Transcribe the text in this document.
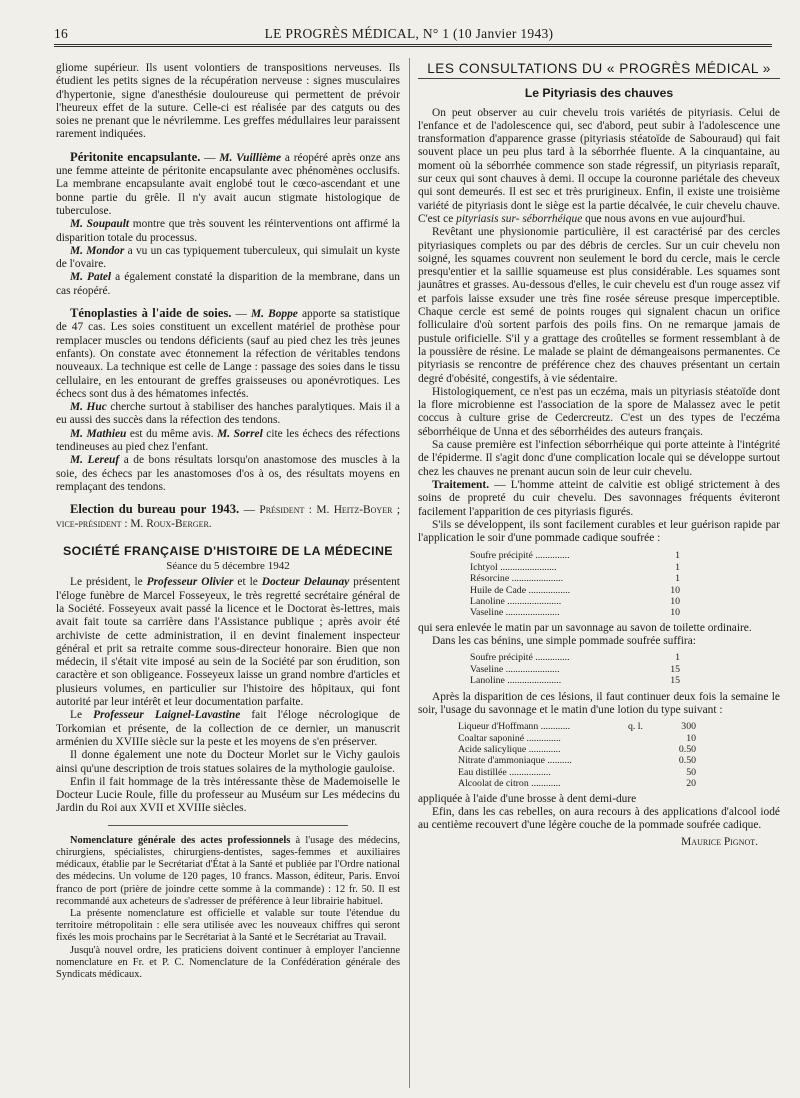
16	LE PROGRÈS MÉDICAL, N° 1 (10 Janvier 1943)

gliome supérieur. Ils usent volontiers de transpositions nerveuses. Ils étudient les petits signes de la récupération nerveuse : signes musculaires d'hypertonie, signe d'anesthésie douloureuse qui permettent de prévoir l'heureux effet de la suture. Celle-ci est réalisée par des catguts ou des soies ne prenant que le névrilemme. Les greffes médullaires leur paraissent rarement indiquées.

Péritonite encapsulante. — M. Vuillième a réopéré après onze ans une femme atteinte de péritonite encapsulante avec phénomènes occlusifs. La membrane encapsulante avait englobé tout le cœco-ascendant et une bonne partie du grêle. Il n'y avait aucun stigmate histologique de tuberculose.

M. Soupault montre que très souvent les réinterventions ont affirmé la disparition totale du processus.

M. Mondor a vu un cas typiquement tuberculeux, qui simulait un kyste de l'ovaire.

M. Patel a également constaté la disparition de la membrane, dans un cas réopéré.

Ténoplasties à l'aide de soies. — M. Boppe apporte sa statistique de 47 cas. Les soies constituent un excellent matériel de prothèse pour remplacer muscles ou tendons déficients (sauf au pied chez les très jeunes enfants). On constate avec étonnement la réfection de véritables tendons nouveaux. La technique est celle de Lange : passage des soies dans le tissu cellulaire, en les entourant de greffes graisseuses ou aponévrotiques. Les échecs sont dus à des hématomes infectés.

M. Huc cherche surtout à stabiliser des hanches paralytiques. Mais il a eu aussi des succès dans la réfection des tendons.

M. Mathieu est du même avis. M. Sorrel cite les échecs des réfections tendineuses au pied chez l'enfant.

M. Lereuf a de bons résultats lorsqu'on anastomose des muscles à la soie, des échecs par les anastomoses d'os à os, des résultats moyens en remplaçant des tendons.

Election du bureau pour 1943. — Président : M. Heitz-Boyer ; vice-président : M. Roux-Berger.

SOCIÉTÉ FRANÇAISE D'HISTOIRE DE LA MÉDECINE
Séance du 5 décembre 1942

Le président, le Professeur Olivier et le Docteur Delaunay présentent l'éloge funèbre de Marcel Fosseyeux, le très regretté secrétaire général de la Société. Fosseyeux avait passé la licence et le Doctorat ès-lettres, mais avait fait toute sa carrière dans l'Assistance publique ; après avoir été archiviste de cette administration, il en devint finalement inspecteur général et prit sa retraite comme sous-directeur honoraire. Bien que non médecin, il s'était vite imposé au sein de la Société par son érudition, son caractère et son obligeance. Fosseyeux laisse un grand nombre d'articles et plusieurs volumes, en particulier sur l'histoire des hôpitaux, qui font autorité par leur intérêt et leur documentation parfaite.

Le Professeur Laignel-Lavastine fait l'éloge nécrologique de Torkomian et présente, de la collection de ce dernier, un manuscrit arménien du XVIIIe siècle sur la peste et les moyens de s'en préserver.

Il donne également une note du Docteur Morlet sur le Vichy gaulois ainsi qu'une description de trois statues solaires de la mythologie gauloise.

Enfin il fait hommage de la très intéressante thèse de Mademoiselle le Docteur Lucie Roule, fille du professeur au Muséum sur Les médecins du Jardin du Roi aux XVII et XVIIIe siècles.

Nomenclature générale des actes professionnels à l'usage des médecins, chirurgiens, spécialistes, chirurgiens-dentistes, sages-femmes et auxiliaires médicaux, établie par le Secrétariat d'État à la Santé et publiée par l'Ordre national des médecins. Un volume de 120 pages, 10 francs. Masson, éditeur, Paris. Envoi franco de port (prière de joindre cette somme à la commande) : 12 fr. 50. Il est recommandé aux acheteurs de s'adresser de préférence à leur librairie habituel.

La présente nomenclature est officielle et valable sur toute l'étendue du territoire métropolitain : elle sera utilisée avec les nouveaux chiffres qui seront fixés les mois prochains par le Secrétariat à la Santé et le Secrétariat au Travail.

Jusqu'à nouvel ordre, les praticiens doivent continuer à employer l'ancienne nomenclature en Fr. et P. C. Nomenclature de la Confédération générale des Syndicats médicaux.

LES CONSULTATIONS DU « PROGRÈS MÉDICAL »
Le Pityriasis des chauves

On peut observer au cuir chevelu trois variétés de pityriasis. Celui de l'enfance et de l'adolescence qui, sec d'abord, peut subir à l'adolescence une transformation d'apparence grasse (pityriasis stéatoïde de Sabouraud) qui fait souvent place un peu plus tard à la séborrhée fluente. A la cinquantaine, au moment où la séborrhée commence son stade régressif, un pityriasis reparaît, sur ceux qui sont chauves à demi. Il occupe la couronne pariétale des cheveux qui sont demeurés. Il est sec et très prurigineux. Enfin, il existe une troisième variété de pityriasis dont le siège est la partie décalvée, le cuir chevelu chauve. C'est ce pityriasis sur- séborrhéique que nous avons en vue aujourd'hui.

Revêtant une physionomie particulière, il est caractérisé par des cercles pityriasiques complets ou par des débris de cercles. Sur un cuir chevelu non soigné, les squames couvrent non seulement le bord du cercle, mais le cercle presqu'entier et la saillie squameuse est plus considérable. Les squames sont jaunâtres et grasses. Au-dessous d'elles, le cuir chevelu est d'un rouge assez vif et parfois laisse exsuder une très fine rosée séreuse presque imperceptible. Chaque cercle est semé de points rouges qui signalent chacun un orifice folliculaire d'où sortent parfois des poils fins. On ne remarque jamais de pustule orificielle. S'il y a grattage des croûtelles se forment ressemblant à de la poussière de résine. Le malade se plaint de démangeaisons permanentes. Ce pityriasis se rencontre de préférence chez des chauves présentant un certain degré d'obésité, congestifs, à vie sédentaire.

Histologiquement, ce n'est pas un eczéma, mais un pityriasis stéatoïde dont la flore microbienne est l'association de la spore de Malassez avec le petit coccus à culture grise de Cedercreutz. C'est un des types de l'eczéma séborrhéique de Unna et des séborrhéides des auteurs français.

Sa cause première est l'infection séborrhéique qui porte atteinte à l'intégrité de l'épiderme. Il s'agit donc d'une complication locale qui se développe surtout chez les chauves ne prenant aucun soin de leur cuir chevelu.

Traitement. — L'homme atteint de calvitie est obligé strictement à des soins de propreté du cuir chevelu. Des savonnages fréquents éviteront facilement l'apparition de ces pityriasis figurés.

S'ils se développent, ils sont facilement curables et leur guérison rapide par l'application le soir d'une pommade cadique soufrée :

Soufre précipité ..............	1
Ichtyol .......................	1
Résorcine .....................	1
Huile de Cade .................	10
Lanoline ......................	10
Vaseline ......................	10

qui sera enlevée le matin par un savonnage au savon de toilette ordinaire.

Dans les cas bénins, une simple pommade soufrée suffira:

Soufre précipité ..............	1
Vaseline ......................	15
Lanoline ......................	15

Après la disparition de ces lésions, il faut continuer deux fois la semaine le soir, l'usage du savonnage et le matin d'une lotion du type suivant :

Liqueur d'Hoffmann ............	q. l.	300
Coaltar saponiné ..............		10
Acide salicylique .............		0.50
Nitrate d'ammoniaque ..........		0.50
Eau distillée .................		50
Alcoolat de citron ............		20

appliquée à l'aide d'une brosse à dent demi-dure

Efin, dans les cas rebelles, on aura recours à des applications d'alcool iodé au centième recouvert d'une légère couche de la pommade soufrée cadique.

Maurice Pignot.
